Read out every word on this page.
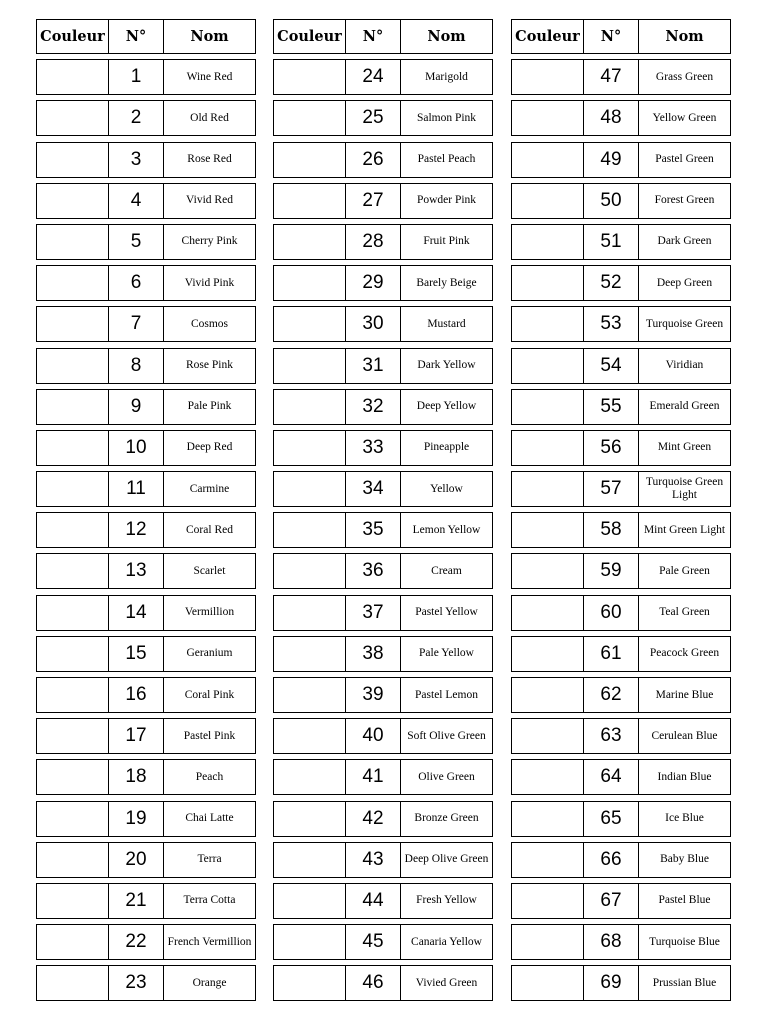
Couleur	N°	Nom
1	Wine Red
2	Old Red
3	Rose Red
4	Vivid Red
5	Cherry Pink
6	Vivid Pink
7	Cosmos
8	Rose Pink
9	Pale Pink
10	Deep Red
11	Carmine
12	Coral Red
13	Scarlet
14	Vermillion
15	Geranium
16	Coral Pink
17	Pastel Pink
18	Peach
19	Chai Latte
20	Terra
21	Terra Cotta
22	French Vermillion
23	Orange
Couleur	N°	Nom
24	Marigold
25	Salmon Pink
26	Pastel Peach
27	Powder Pink
28	Fruit Pink
29	Barely Beige
30	Mustard
31	Dark Yellow
32	Deep Yellow
33	Pineapple
34	Yellow
35	Lemon Yellow
36	Cream
37	Pastel Yellow
38	Pale Yellow
39	Pastel Lemon
40	Soft Olive Green
41	Olive Green
42	Bronze Green
43	Deep Olive Green
44	Fresh Yellow
45	Canaria Yellow
46	Vivied Green
Couleur	N°	Nom
47	Grass Green
48	Yellow Green
49	Pastel Green
50	Forest Green
51	Dark Green
52	Deep Green
53	Turquoise Green
54	Viridian
55	Emerald Green
56	Mint Green
57	Turquoise Green Light
58	Mint Green Light
59	Pale Green
60	Teal Green
61	Peacock Green
62	Marine Blue
63	Cerulean Blue
64	Indian Blue
65	Ice Blue
66	Baby Blue
67	Pastel Blue
68	Turquoise Blue
69	Prussian Blue
